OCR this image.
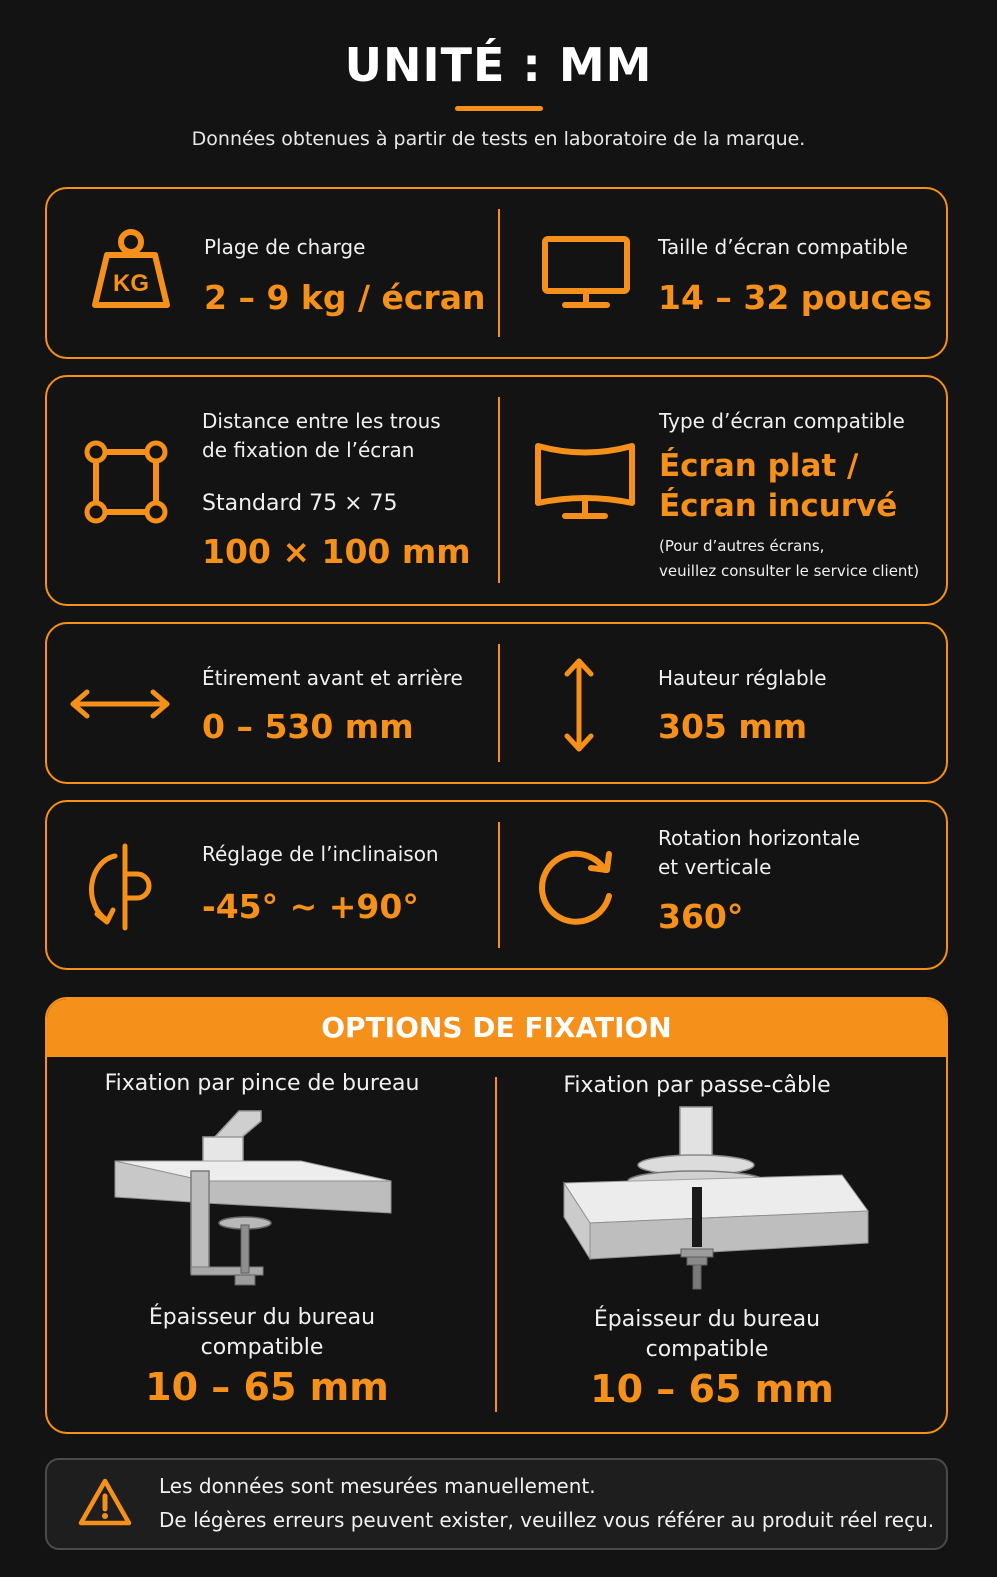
UNITÉ : MM
Données obtenues à partir de tests en laboratoire de la marque.
KG
Plage de charge
2 – 9 kg / écran
Taille d’écran compatible
14 – 32 pouces
Distance entre les trous
de fixation de l’écran
Standard 75 × 75
100 × 100 mm
Type d’écran compatible
Écran plat /
Écran incurvé
(Pour d’autres écrans,
veuillez consulter le service client)
Étirement avant et arrière
0 – 530 mm
Hauteur réglable
305 mm
Réglage de l’inclinaison
-45° ~ +90°
Rotation horizontale
et verticale
360°
OPTIONS DE FIXATION
Fixation par pince de bureau
Épaisseur du bureau
compatible
10 – 65 mm
Fixation par passe-câble
Épaisseur du bureau
compatible
10 – 65 mm
Les données sont mesurées manuellement.
De légères erreurs peuvent exister, veuillez vous référer au produit réel reçu.
